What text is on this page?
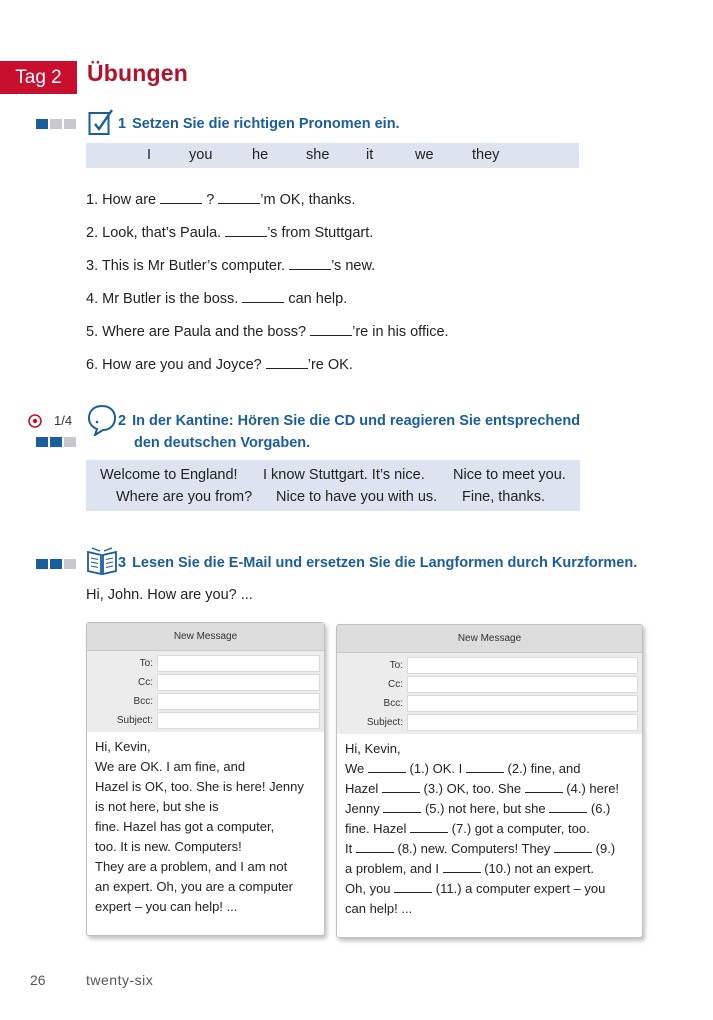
Tag 2	Übungen
1 Setzen Sie die richtigen Pronomen ein.
I	you	he	she	it	we	they
1. How are	?	’m OK, thanks.
2. Look, that’s Paula.	’s from Stuttgart.
3. This is Mr Butler’s computer.	’s new.
4. Mr Butler is the boss.	can help.
5. Where are Paula and the boss?	’re in his office.
6. How are you and Joyce?	’re OK.
1/4	2 In der Kantine: Hören Sie die CD und reagieren Sie entsprechend
den deutschen Vorgaben.
Welcome to England! I know Stuttgart. It’s nice. Nice to meet you.
Where are you from? Nice to have you with us. Fine, thanks.
3 Lesen Sie die E-Mail und ersetzen Sie die Langformen durch Kurzformen.
Hi, John. How are you? ...
New Message
To:
Cc:
Bcc:
Subject:
Hi, Kevin,
We are OK. I am fine, and
Hazel is OK, too. She is here! Jenny
is not here, but she is
fine. Hazel has got a computer,
too. It is new. Computers!
They are a problem, and I am not
an expert. Oh, you are a computer
expert – you can help! ...
New Message
To:
Cc:
Bcc:
Subject:
Hi, Kevin,
We	(1.) OK. I	(2.) fine, and
Hazel	(3.) OK, too. She	(4.) here!
Jenny	(5.) not here, but she	(6.)
fine. Hazel	(7.) got a computer, too.
It	(8.) new. Computers! They	(9.)
a problem, and I	(10.) not an expert.
Oh, you	(11.) a computer expert – you
can help! ...
26	twenty-six
